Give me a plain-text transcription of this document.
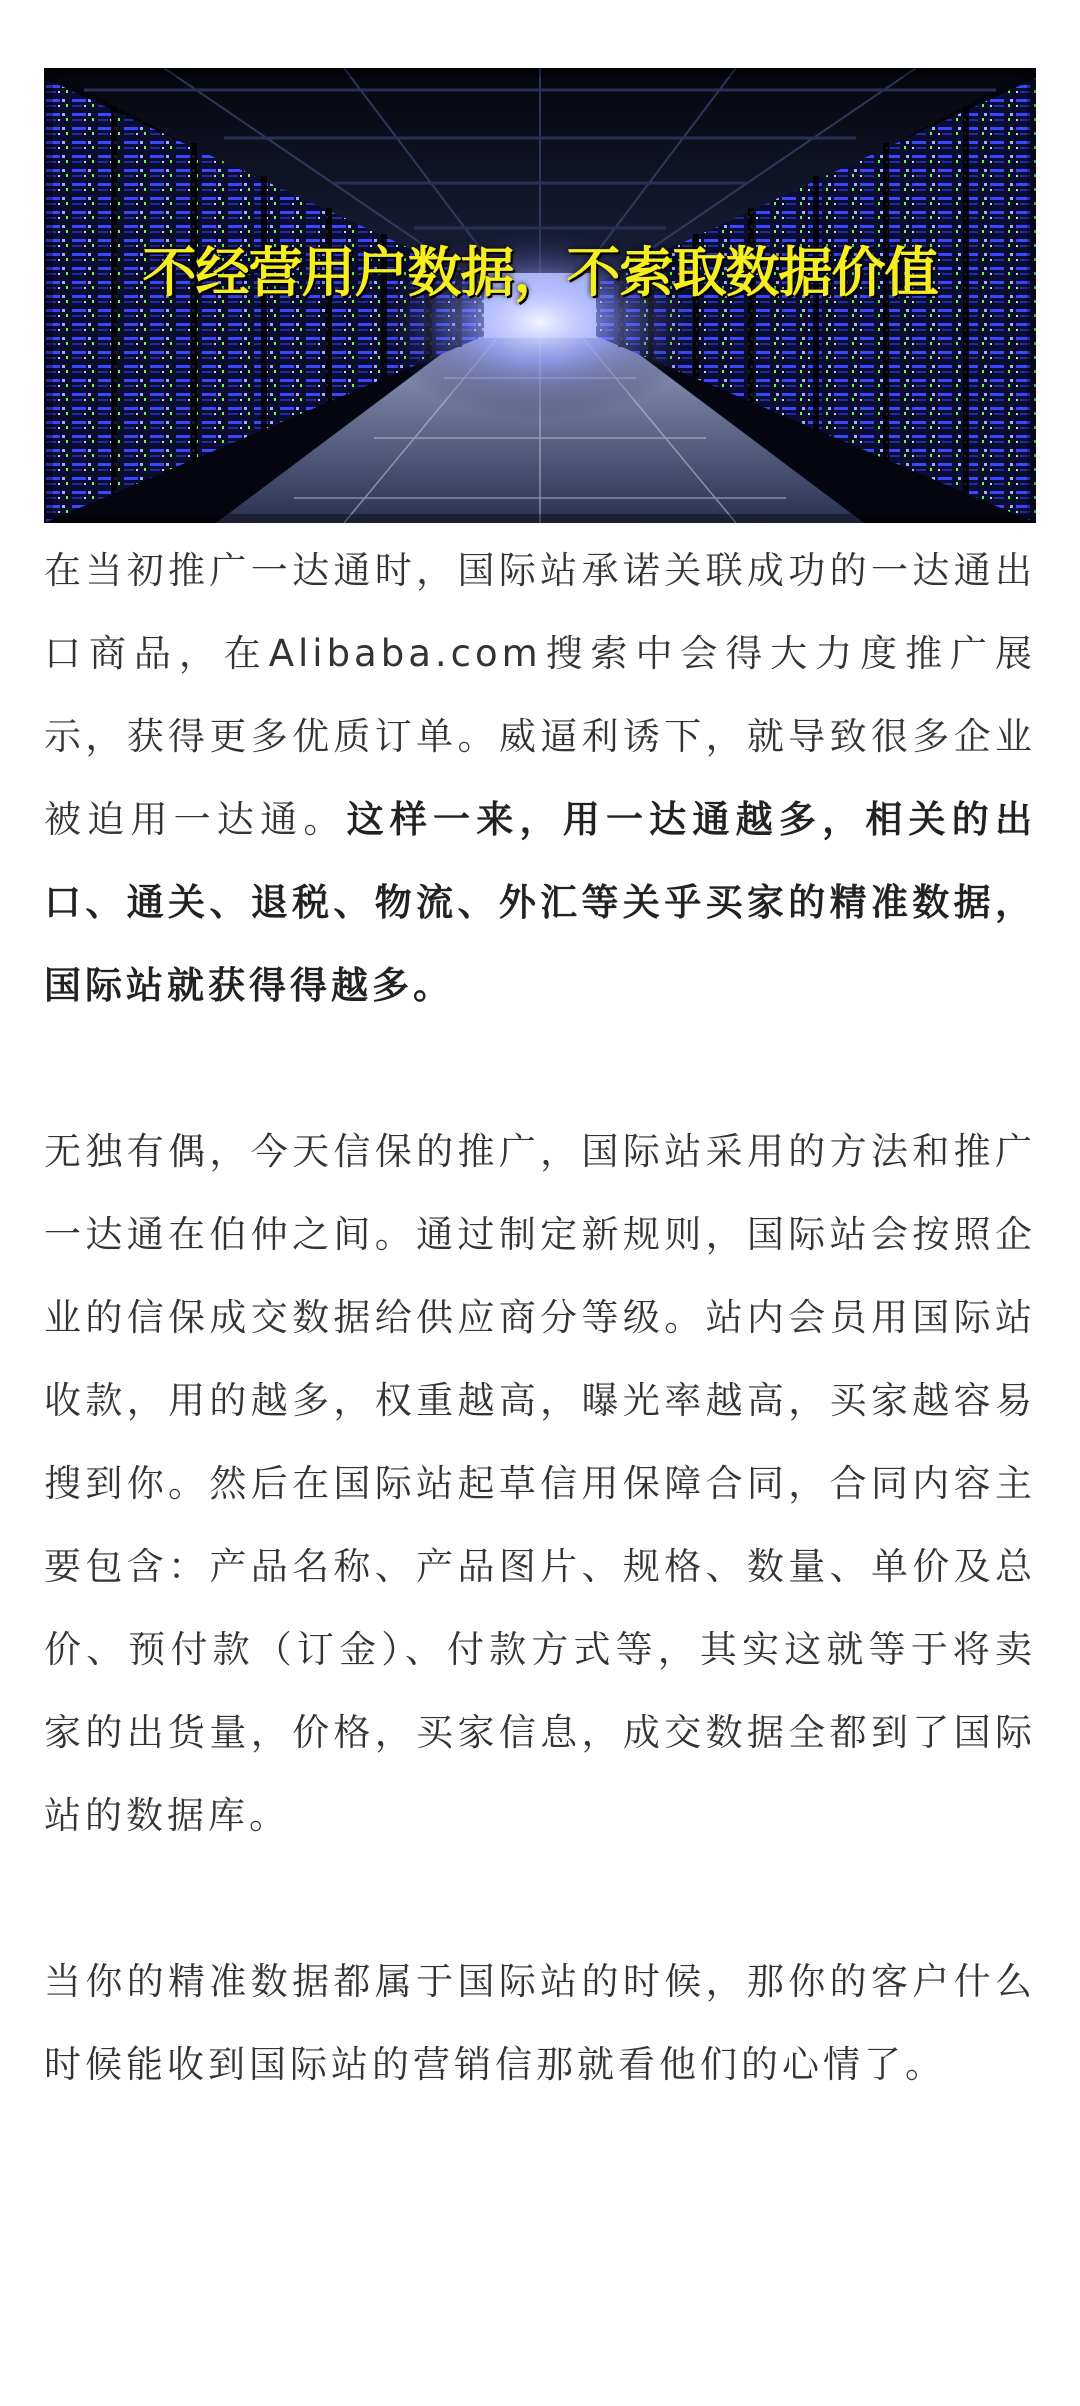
不经营用户数据，不索取数据价值

在当初推广一达通时，国际站承诺关联成功的一达通出口商品，在Alibaba.com搜索中会得大力度推广展示，获得更多优质订单。威逼利诱下，就导致很多企业被迫用一达通。这样一来，用一达通越多，相关的出口、通关、退税、物流、外汇等关乎买家的精准数据，国际站就获得得越多。

无独有偶，今天信保的推广，国际站采用的方法和推广一达通在伯仲之间。通过制定新规则，国际站会按照企业的信保成交数据给供应商分等级。站内会员用国际站收款，用的越多，权重越高，曝光率越高，买家越容易搜到你。然后在国际站起草信用保障合同，合同内容主要包含：产品名称、产品图片、规格、数量、单价及总价、预付款（订金）、付款方式等，其实这就等于将卖家的出货量，价格，买家信息，成交数据全都到了国际站的数据库。

当你的精准数据都属于国际站的时候，那你的客户什么时候能收到国际站的营销信那就看他们的心情了。
